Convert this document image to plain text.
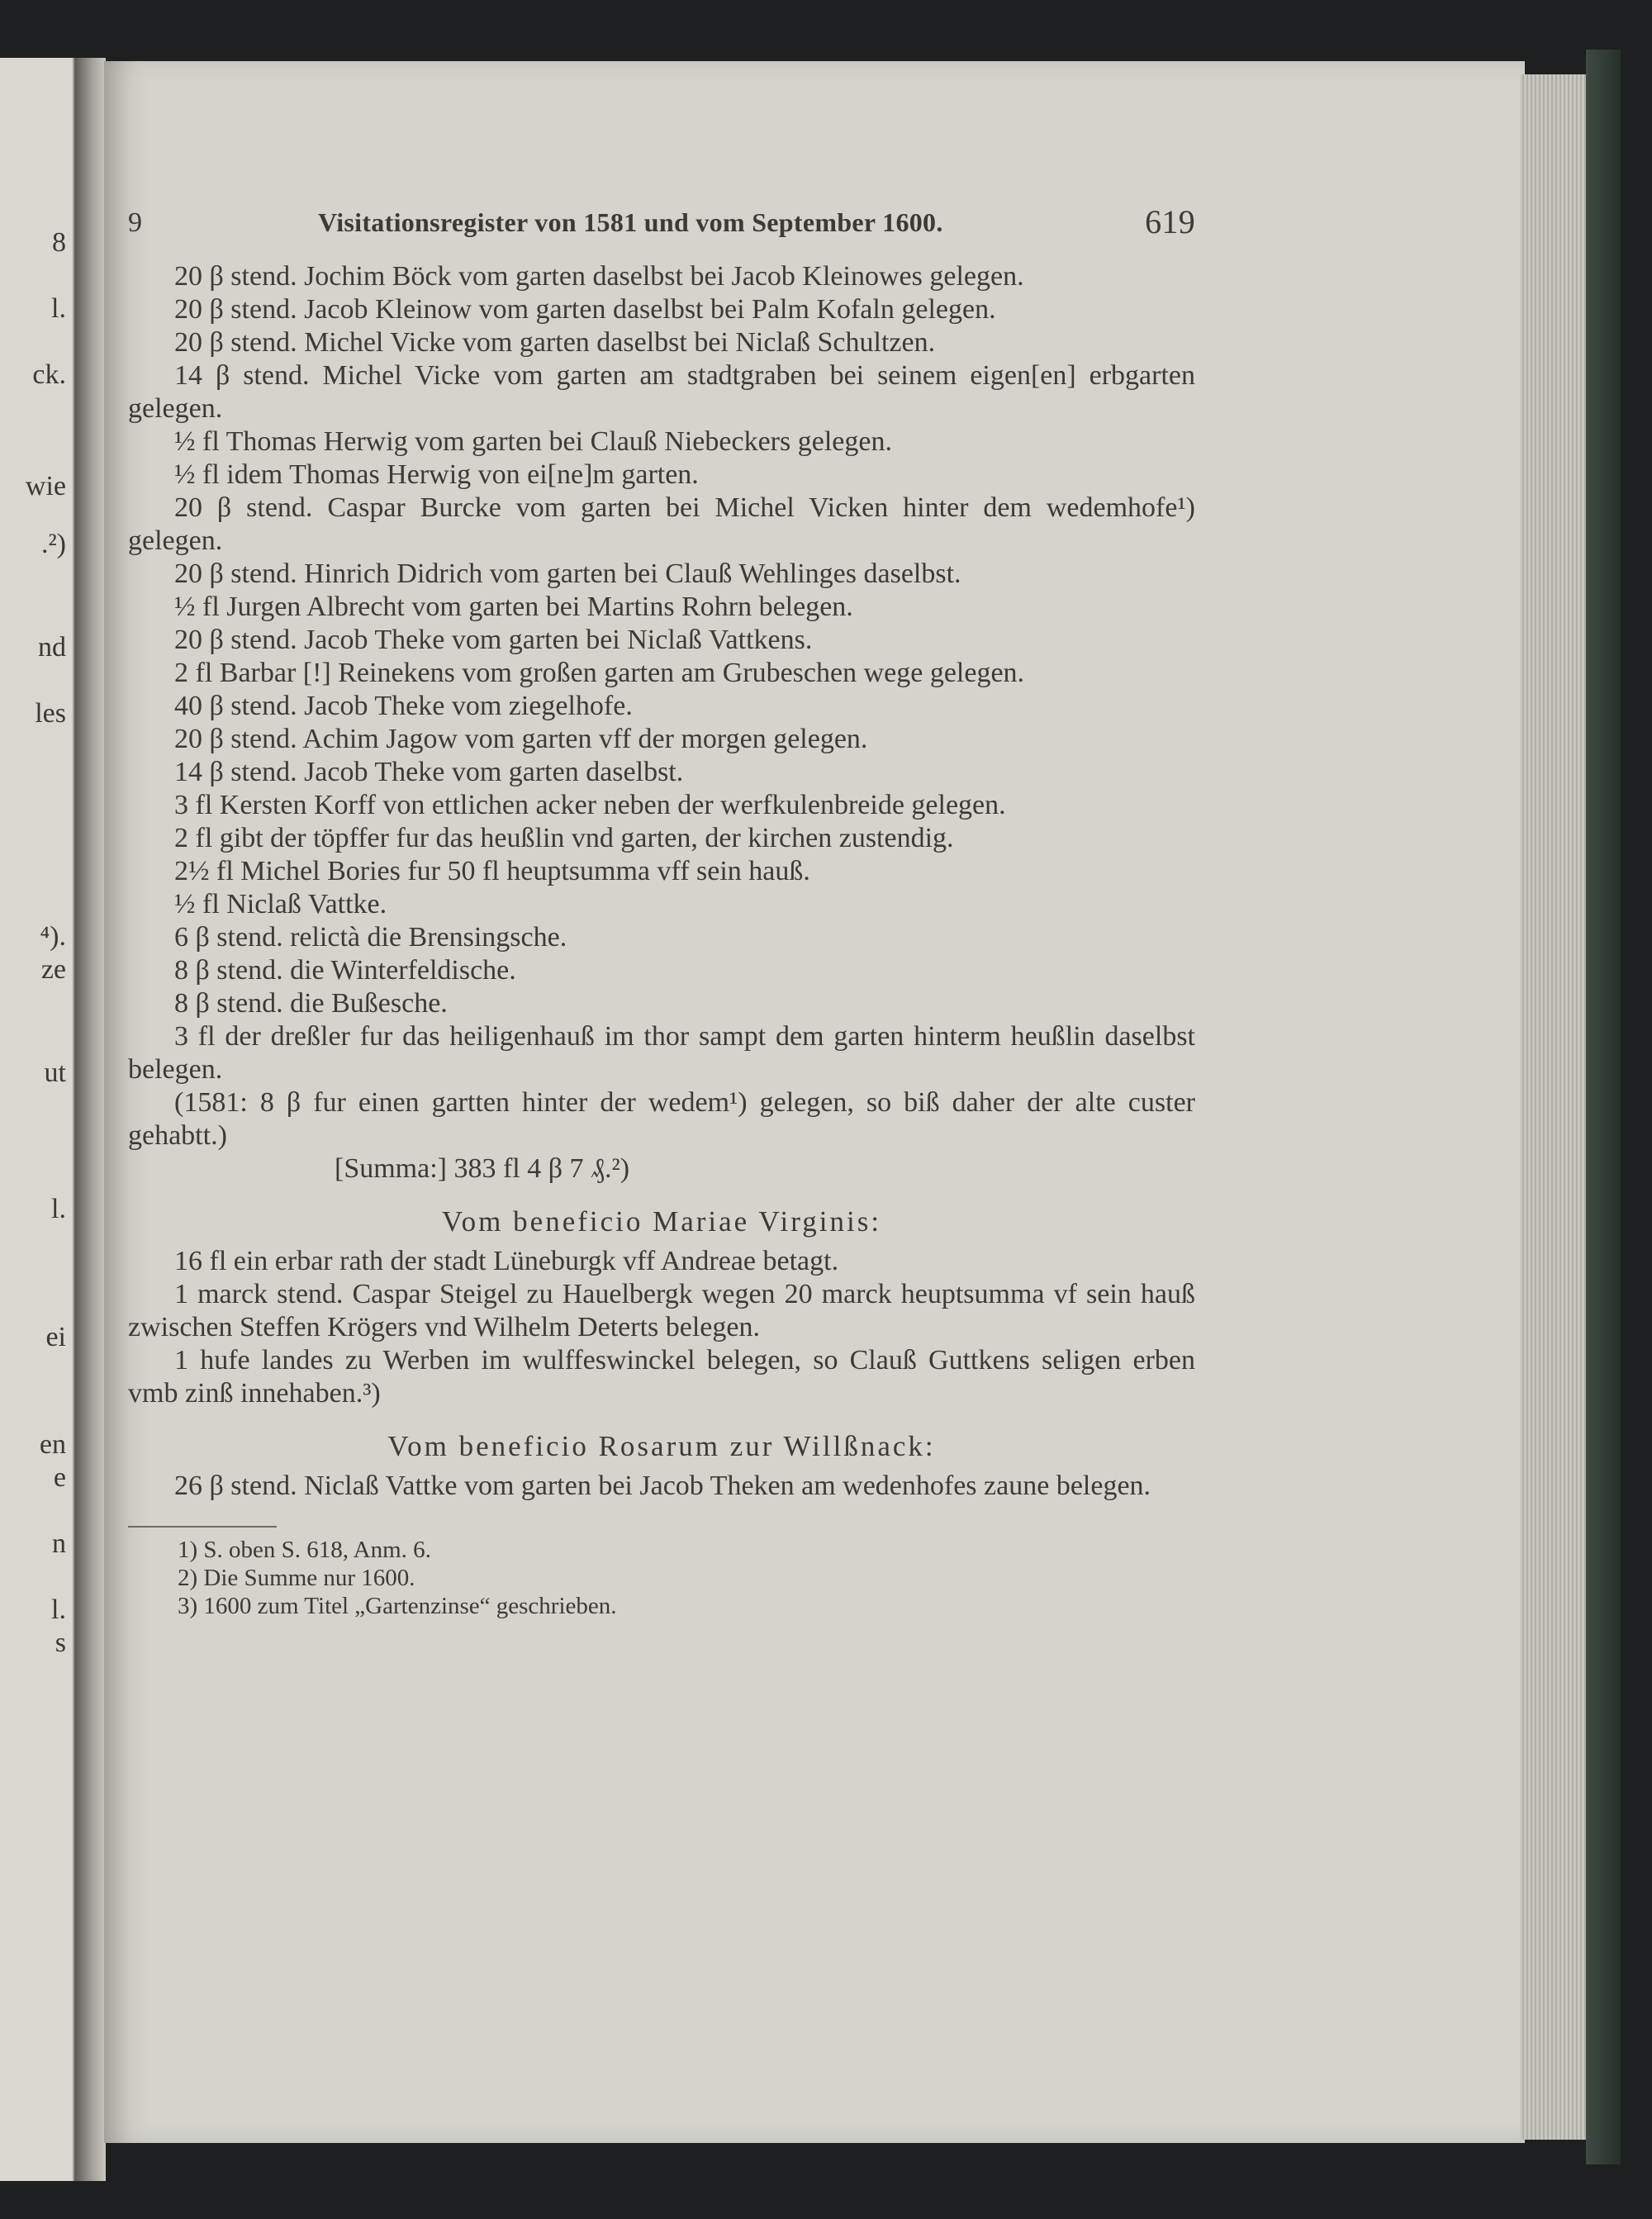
8
l.
ck.
wie
.²)
nd
les
⁴).
ze
ut
l.
ei
en
e
n
l.
s
9	Visitationsregister von 1581 und vom September 1600.	619

20 β stend. Jochim Böck vom garten daselbst bei Jacob Kleinowes gelegen.

20 β stend. Jacob Kleinow vom garten daselbst bei Palm Kofaln gelegen.

20 β stend. Michel Vicke vom garten daselbst bei Niclaß Schultzen.

14 β stend. Michel Vicke vom garten am stadtgraben bei seinem eigen[en] erbgarten gelegen.

½ fl Thomas Herwig vom garten bei Clauß Niebeckers gelegen.

½ fl idem Thomas Herwig von ei[ne]m garten.

20 β stend. Caspar Burcke vom garten bei Michel Vicken hinter dem wedemhofe¹) gelegen.

20 β stend. Hinrich Didrich vom garten bei Clauß Wehlinges daselbst.

½ fl Jurgen Albrecht vom garten bei Martins Rohrn belegen.

20 β stend. Jacob Theke vom garten bei Niclaß Vattkens.

2 fl Barbar [!] Reinekens vom großen garten am Grubeschen wege gelegen.

40 β stend. Jacob Theke vom ziegelhofe.

20 β stend. Achim Jagow vom garten vff der morgen gelegen.

14 β stend. Jacob Theke vom garten daselbst.

3 fl Kersten Korff von ettlichen acker neben der werfkulenbreide gelegen.

2 fl gibt der töpffer fur das heußlin vnd garten, der kirchen zustendig.

2½ fl Michel Bories fur 50 fl heuptsumma vff sein hauß.

½ fl Niclaß Vattke.

6 β stend. relictà die Brensingsche.

8 β stend. die Winterfeldische.

8 β stend. die Bußesche.

3 fl der dreßler fur das heiligenhauß im thor sampt dem garten hinterm heußlin daselbst belegen.

(1581: 8 β fur einen gartten hinter der wedem¹) gelegen, so biß daher der alte custer gehabtt.)

[Summa:] 383 fl 4 β 7 ₰.²)

Vom beneficio Mariae Virginis:

16 fl ein erbar rath der stadt Lüneburgk vff Andreae betagt.

1 marck stend. Caspar Steigel zu Hauelbergk wegen 20 marck heuptsumma vf sein hauß zwischen Steffen Krögers vnd Wilhelm Deterts belegen.

1 hufe landes zu Werben im wulffeswinckel belegen, so Clauß Guttkens seligen erben vmb zinß innehaben.³)

Vom beneficio Rosarum zur Willßnack:

26 β stend. Niclaß Vattke vom garten bei Jacob Theken am wedenhofes zaune belegen.

1) S. oben S. 618, Anm. 6.

2) Die Summe nur 1600.

3) 1600 zum Titel „Gartenzinse“ geschrieben.
